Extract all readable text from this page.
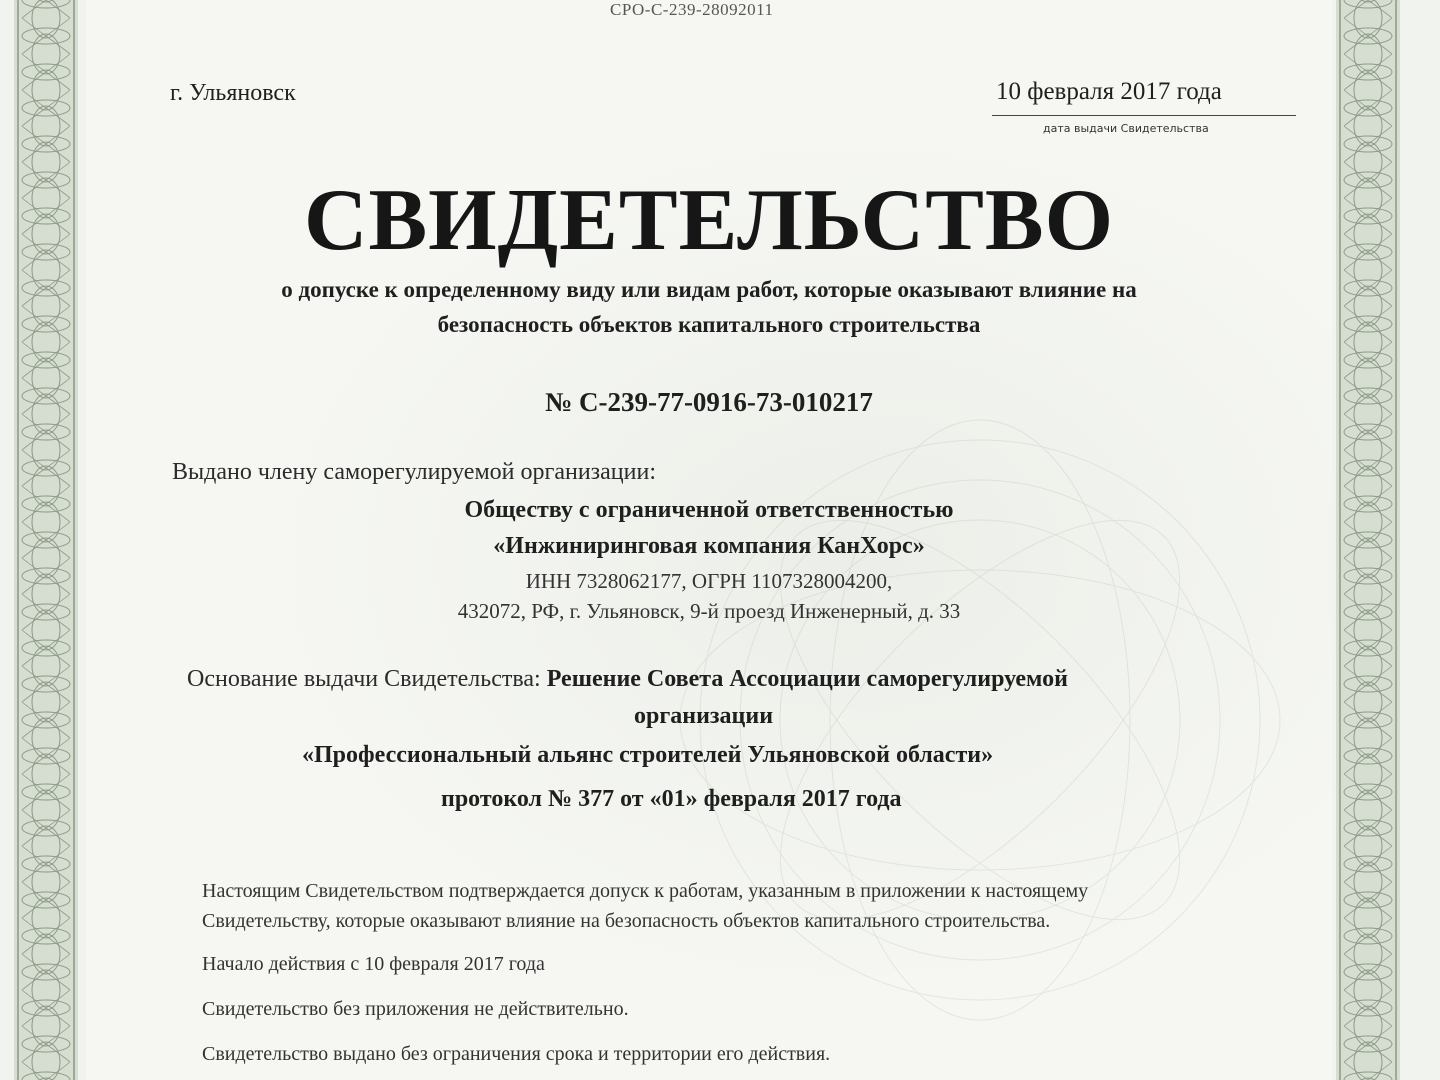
СРО-С-239-28092011
г. Ульяновск	10 февраля 2017 года
дата выдачи Свидетельства
СВИДЕТЕЛЬСТВО
о допуске к определенному виду или видам работ, которые оказывают влияние на
безопасность объектов капитального строительства
№ С-239-77-0916-73-010217
Выдано члену саморегулируемой организации:
Обществу с ограниченной ответственностью
«Инжиниринговая компания КанХорс»
ИНН 7328062177, ОГРН 1107328004200,
432072, РФ, г. Ульяновск, 9-й проезд Инженерный, д. 33
Основание выдачи Свидетельства: Решение Совета Ассоциации саморегулируемой
организации
«Профессиональный альянс строителей Ульяновской области»
протокол № 377 от «01» февраля 2017 года
Настоящим Свидетельством подтверждается допуск к работам, указанным в приложении к настоящему
Свидетельству, которые оказывают влияние на безопасность объектов капитального строительства.
Начало действия с 10 февраля 2017 года
Свидетельство без приложения не действительно.
Свидетельство выдано без ограничения срока и территории его действия.
